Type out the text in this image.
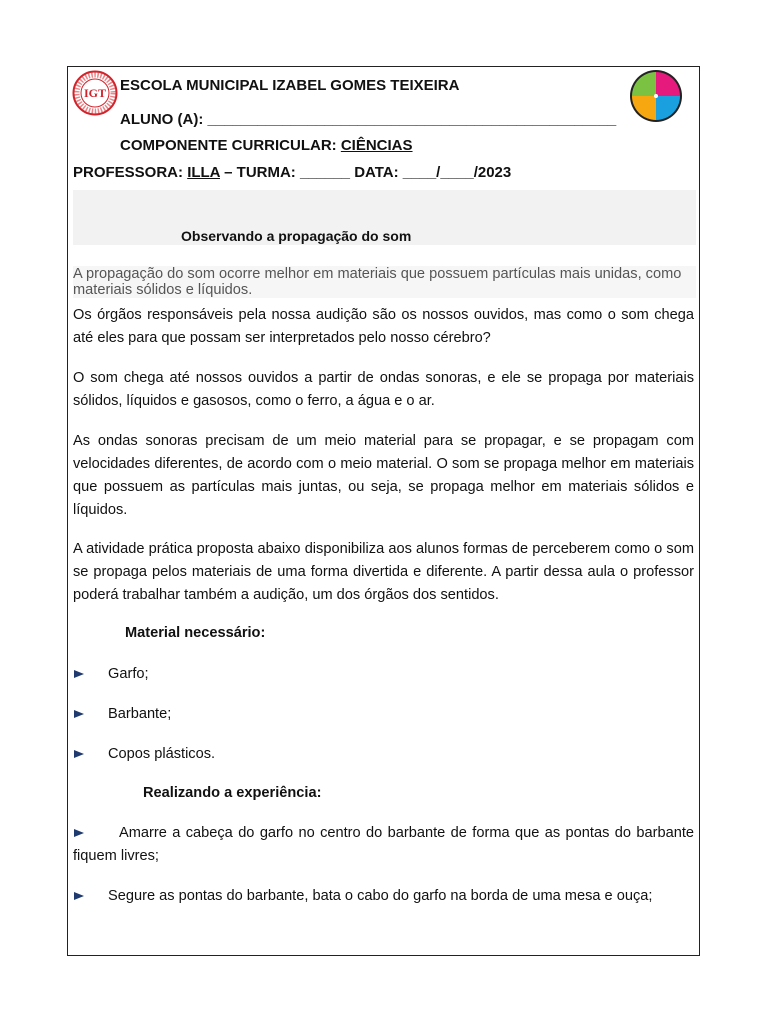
IGT ESCOLA MUNICIPAL IZABEL GOMES TEIXEIRA
ALUNO (A): _________________________________________________
COMPONENTE CURRICULAR: CIÊNCIAS
PROFESSORA: ILLA – TURMA: ______ DATA: ____/____/2023
Observando a propagação do som
A propagação do som ocorre melhor em materiais que possuem partículas mais unidas, como materiais sólidos e líquidos.
Os órgãos responsáveis pela nossa audição são os nossos ouvidos, mas como o som chega até eles para que possam ser interpretados pelo nosso cérebro?
O som chega até nossos ouvidos a partir de ondas sonoras, e ele se propaga por materiais sólidos, líquidos e gasosos, como o ferro, a água e o ar.
As ondas sonoras precisam de um meio material para se propagar, e se propagam com velocidades diferentes, de acordo com o meio material. O som se propaga melhor em materiais que possuem as partículas mais juntas, ou seja, se propaga melhor em materiais sólidos e líquidos.
A atividade prática proposta abaixo disponibiliza aos alunos formas de perceberem como o som se propaga pelos materiais de uma forma divertida e diferente. A partir dessa aula o professor poderá trabalhar também a audição, um dos órgãos dos sentidos.
Material necessário:
Garfo;
Barbante;
Copos plásticos.
Realizando a experiência:
Amarre a cabeça do garfo no centro do barbante de forma que as pontas do barbante fiquem livres;
Segure as pontas do barbante, bata o cabo do garfo na borda de uma mesa e ouça;
